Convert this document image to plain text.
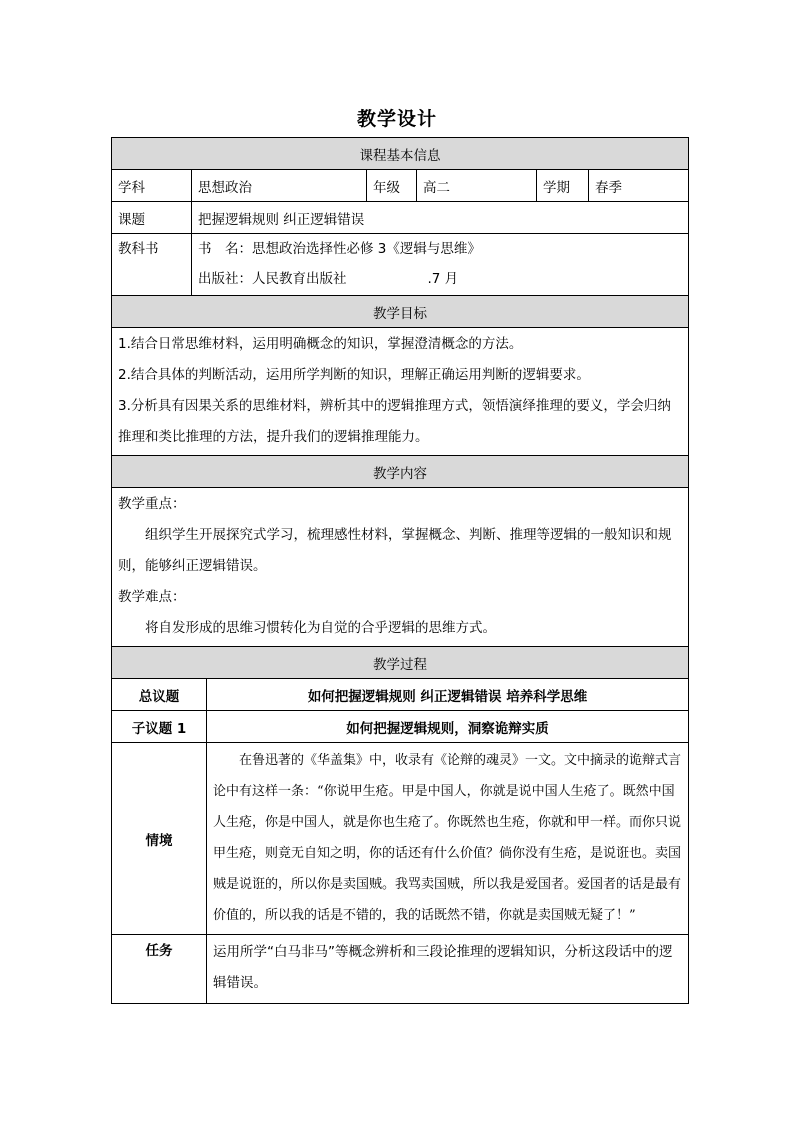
教学设计
课程基本信息						
学科	思想政治		年级	高二	学期	春季
课题	把握逻辑规则 纠正逻辑错误					

教科书	书　名：思想政治选择性必修 3《逻辑与思维》
出版社：人民教育出版社　　　　　　.7 月					

教学目标						

1.结合日常思维材料，运用明确概念的知识，掌握澄清概念的方法。
2.结合具体的判断活动，运用所学判断的知识，理解正确运用判断的逻辑要求。
3.分析具有因果关系的思维材料，辨析其中的逻辑推理方式，领悟演绎推理的要义，学会归纳推理和类比推理的方法，提升我们的逻辑推理能力。						

教学内容						

教学重点：
组织学生开展探究式学习，梳理感性材料，掌握概念、判断、推理等逻辑的一般知识和规则，能够纠正逻辑错误。
教学难点：
将自发形成的思维习惯转化为自觉的合乎逻辑的思维方式。						

教学过程						
总议题		如何把握逻辑规则 纠正逻辑错误 培养科学思维				
子议题 1		如何把握逻辑规则，洞察诡辩实质				
情境		在鲁迅著的《华盖集》中，收录有《论辩的魂灵》一文。文中摘录的诡辩式言论中有这样一条：“你说甲生疮。甲是中国人，你就是说中国人生疮了。既然中国人生疮，你是中国人，就是你也生疮了。你既然也生疮，你就和甲一样。而你只说甲生疮，则竟无自知之明，你的话还有什么价值？倘你没有生疮，是说诳也。卖国贼是说诳的，所以你是卖国贼。我骂卖国贼，所以我是爱国者。爱国者的话是最有价值的，所以我的话是不错的，我的话既然不错，你就是卖国贼无疑了！”				
任务		运用所学“白马非马”等概念辨析和三段论推理的逻辑知识，分析这段话中的逻辑错误。				
